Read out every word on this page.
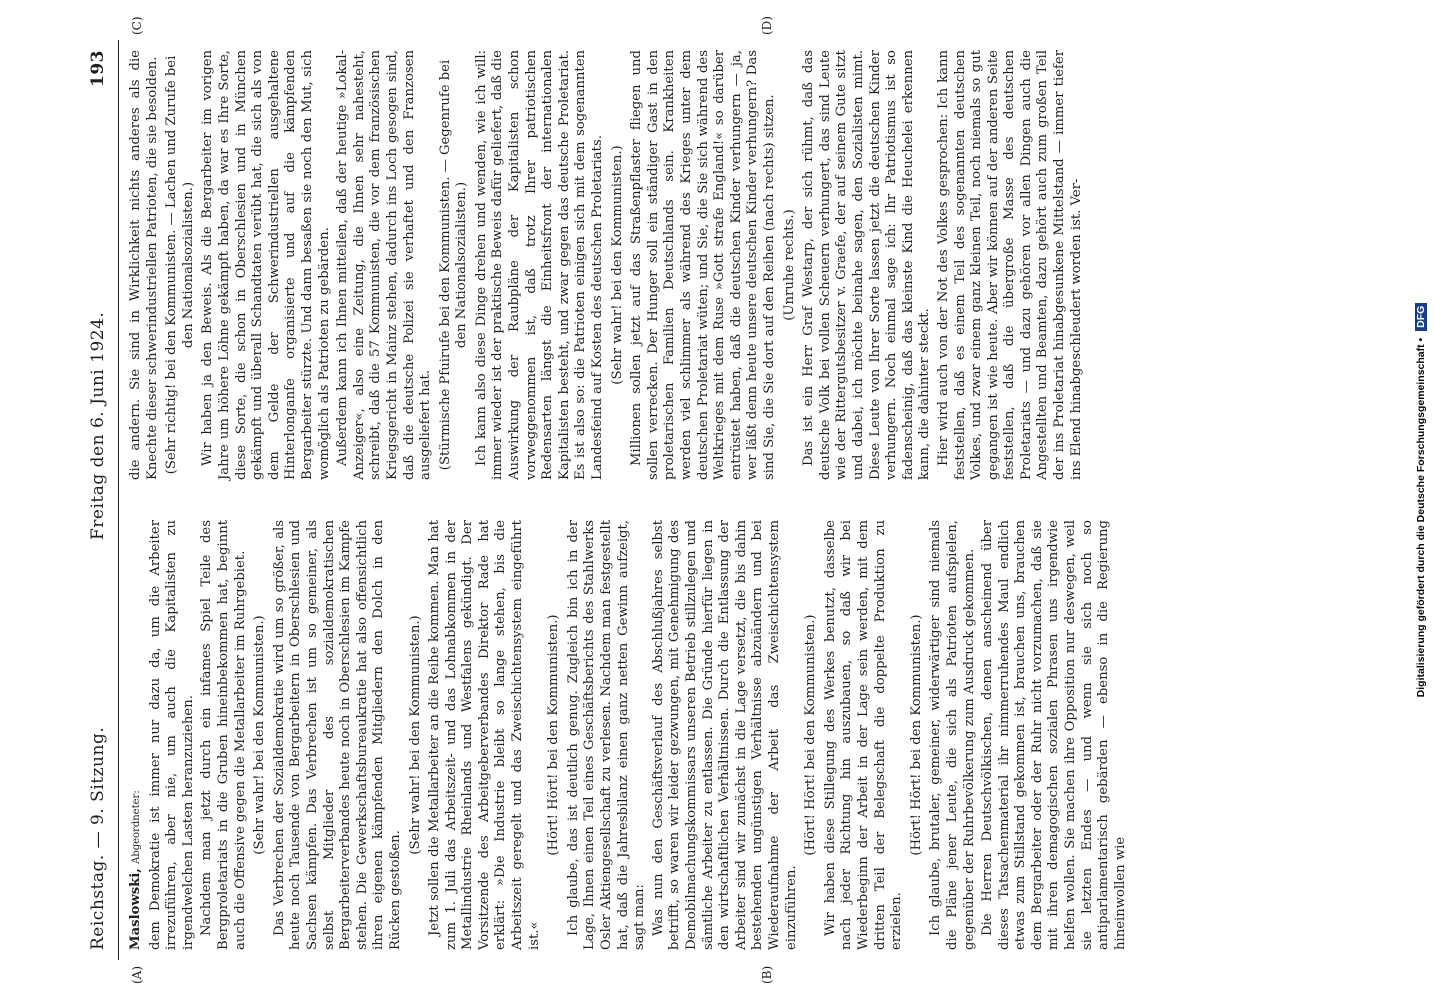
Reichstag. — 9. Sitzung.
Freitag den 6. Juni 1924.
193
(A)	(B)
(C)	(D)

Maslowski, Abgeordneter: dem Demokratie ist immer nur dazu da, um die Arbeiter irrezuführen, aber nie, um auch die Kapitalisten zu irgendwelchen Lasten heranzuziehen. Nachdem man jetzt durch ein infames Spiel Teile des Bergproletariats in die Gruben hineinbekommen hat, beginnt auch die Offensive gegen die Metallarbeiter im Ruhrgebiet. (Sehr wahr! bei den Kommunisten.) Das Verbrechen der Sozialdemokratie wird um so größer, als heute noch Tausende von Bergarbeitern in Oberschlesien und Sachsen kämpfen. Das Verbrechen ist um so gemeiner, als selbst Mitglieder des sozialdemokratischen Bergarbeiterverbandes heute noch in Oberschlesien im Kampfe stehen. Die Gewerkschaftsbureaukratie hat also offensichtlich ihren eigenen kämpfenden Mitgliedern den Dolch in den Rücken gestoßen.

(Sehr wahr! bei den Kommunisten.) Jetzt sollen die Metallarbeiter an die Reihe kommen. Man hat zum 1. Juli das Arbeitszeit- und das Lohnabkommen in der Metallindustrie Rheinlands und Westfalens gekündigt. Der Vorsitzende des Arbeitgeberverbandes Direktor Rade hat erklärt: »Die Industrie bleibt so lange stehen, bis die Arbeitszeit geregelt und das Zweischichtensystem eingeführt ist.«

(Hört! Hört! bei den Kommunisten.) Ich glaube, das ist deutlich genug. Zugleich bin ich in der Lage, Ihnen einen Teil eines Geschäftsberichts des Stahlwerks Osler Aktiengesellschaft zu verlesen. Nachdem man festgestellt hat, daß die Jahresbilanz einen ganz netten Gewinn aufzeigt, sagt man: Was nun den Geschäftsverlauf des Abschlußjahres selbst betrifft, so waren wir leider gezwungen, mit Genehmigung des Demobilmachungskommissars unseren Betrieb stillzulegen und sämtliche Arbeiter zu entlassen. Die Gründe hierfür liegen in den wirtschaftlichen Verhältnissen. Durch die Entlassung der Arbeiter sind wir zunächst in die Lage versetzt, die bis dahin bestehenden ungünstigen Verhältnisse abzuändern und bei Wiederaufnahme der Arbeit das Zweischichtensystem einzuführen.

(Hört! Hört! bei den Kommunisten.) Wir haben diese Stillegung des Werkes benutzt, dasselbe nach jeder Richtung hin auszubauen, so daß wir bei Wiederbeginn der Arbeit in der Lage sein werden, mit dem dritten Teil der Belegschaft die doppelte Produktion zu erzielen.

(Hört! Hört! bei den Kommunisten.) Ich glaube, brutaler, gemeiner, widerwärtiger sind niemals die Pläne jener Leute, die sich als Patrioten aufspielen, gegenüber der Ruhrbevölkerung zum Ausdruck gekommen. Die Herren Deutschvölkischen, denen anscheinend über dieses Tatsachenmaterial ihr nimmerruhendes Maul endlich etwas zum Stillstand gekommen ist, brauchen uns, brauchen dem Bergarbeiter oder der Ruhr nicht vorzumachen, daß sie mit ihren demagogischen sozialen Phrasen uns irgendwie helfen wollen. Sie machen ihre Opposition nur deswegen, weil sie letzten Endes — und wenn sie sich noch so antiparlamentarisch gebärden — ebenso in die Regierung hineinwollen wie

die andern. Sie sind in Wirklichkeit nichts anderes als die Knechte dieser schwerindustriellen Patrioten, die sie besolden. (Sehr richtig! bei den Kommunisten. — Lachen und Zurufe bei den Nationalsozialisten.) Wir haben ja den Beweis. Als die Bergarbeiter im vorigen Jahre um höhere Löhne gekämpft haben, da war es Ihre Sorte, diese Sorte, die schon in Oberschlesien und in München gekämpft und überall Schandtaten verübt hat, die sich als von dem Gelde der Schwerindustriellen ausgehaltene Hinterlonganfe organisierte und auf die kämpfenden Bergarbeiter stürzte. Und dann besaßen sie noch den Mut, sich womöglich als Patrioten zu gebärden. Außerdem kann ich Ihnen mitteilen, daß der heutige »Lokal-Anzeiger«, also eine Zeitung, die Ihnen sehr nahesteht, schreibt, daß die 57 Kommunisten, die vor dem französischen Kriegsgericht in Mainz stehen, dadurch ins Loch gesogen sind, daß die deutsche Polizei sie verhaftet und den Franzosen ausgeliefert hat. (Stürmische Pfuirufe bei den Kommunisten. — Gegenrufe bei den Nationalsozialisten.) Ich kann also diese Dinge drehen und wenden, wie ich will: immer wieder ist der praktische Beweis dafür geliefert, daß die Auswirkung der Raubpläne der Kapitalisten schon vorweggenommen ist, daß trotz Ihrer patriotischen Redensarten längst die Einheitsfront der internationalen Kapitalisten besteht, und zwar gegen das deutsche Proletariat. Es ist also so: die Patrioten einigen sich mit dem sogenannten Landesfeind auf Kosten des deutschen Proletariats. (Sehr wahr! bei den Kommunisten.) Millionen sollen jetzt auf das Straßenpflaster fliegen und sollen verrecken. Der Hunger soll ein ständiger Gast in den proletarischen Familien Deutschlands sein. Krankheiten werden viel schlimmer als während des Krieges unter dem deutschen Proletariat wüten; und Sie, die Sie sich während des Weltkrieges mit dem Ruse »Gott strafe England!« so darüber entrüstet haben, daß die deutschen Kinder verhungern — ja, wer läßt denn heute unsere deutschen Kinder verhungern? Das sind Sie, die Sie dort auf den Reihen (nach rechts) sitzen. (Unruhe rechts.) Das ist ein Herr Graf Westarp, der sich rühmt, daß das deutsche Volk bei vollen Scheuern verhungert, das sind Leute wie der Rittergutsbesitzer v. Graefe, der auf seinem Gute sitzt und dabei, ich möchte beinahe sagen, den Sozialisten mimt. Diese Leute von Ihrer Sorte lassen jetzt die deutschen Kinder verhungern. Noch einmal sage ich: Ihr Patriotismus ist so fadenscheinig, daß das kleinste Kind die Heuchelei erkennen kann, die dahinter steckt. Hier wird auch von der Not des Volkes gesprochen: Ich kann feststellen, daß es einem Teil des sogenannten deutschen Volkes, und zwar einem ganz kleinen Teil, noch niemals so gut gegangen ist wie heute. Aber wir können auf der anderen Seite feststellen, daß die übergroße Masse des deutschen Proletariats — und dazu gehören vor allen Dingen auch die Angestellten und Beamten, dazu gehört auch zum großen Teil der ins Proletariat hinabgesunkene Mittelstand — immer tiefer ins Elend hinabgeschleudert worden ist. Ver-

Digitalisierung gefördert durch die Deutsche Forschungsgemeinschaft • DFG
